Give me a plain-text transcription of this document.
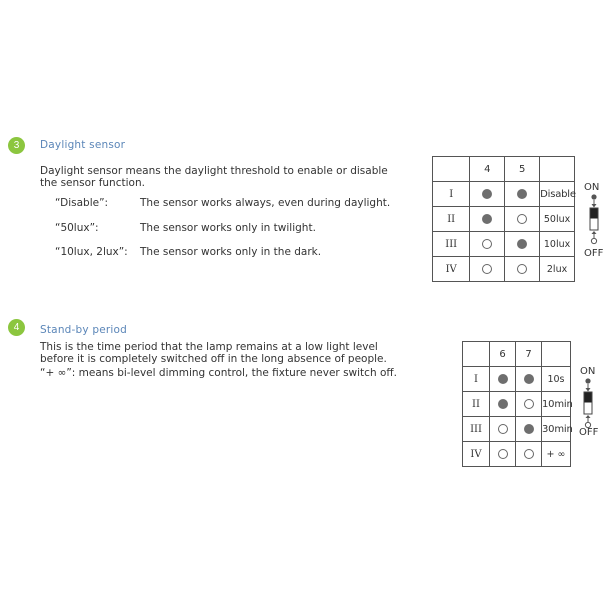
3	Daylight sensor
Daylight sensor means the daylight threshold to enable or disable
the sensor function.
“Disable”:	The sensor works always, even during daylight.
“50lux”:	The sensor works only in twilight.
“10lux, 2lux”: The sensor works only in the dark.
	4	5	
I			Disable
II			50lux
III			10lux
IV			2lux
ON
OFF
4	Stand-by period
This is the time period that the lamp remains at a low light level
before it is completely switched off in the long absence of people.
“+ ∞”: means bi-level dimming control, the fixture never switch off.
	6	7	
I			10s
II			10min
III			30min
IV			+ ∞
ON
OFF
